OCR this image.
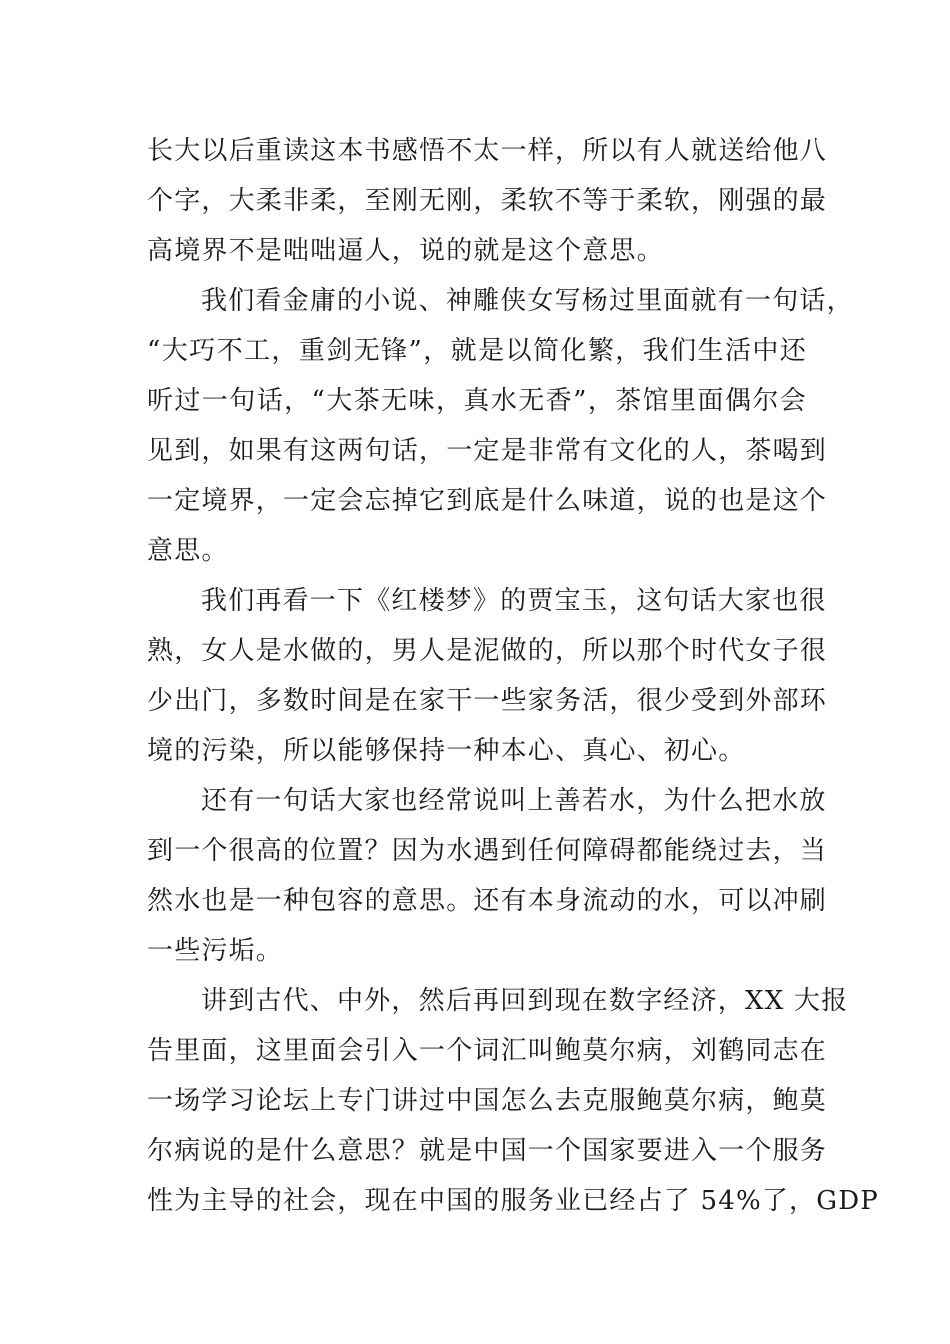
长大以后重读这本书感悟不太一样，所以有人就送给他八
个字，大柔非柔，至刚无刚，柔软不等于柔软，刚强的最
高境界不是咄咄逼人，说的就是这个意思。
我们看金庸的小说、神雕侠女写杨过里面就有一句话，
“大巧不工，重剑无锋”，就是以简化繁，我们生活中还
听过一句话，“大茶无味，真水无香”，茶馆里面偶尔会
见到，如果有这两句话，一定是非常有文化的人，茶喝到
一定境界，一定会忘掉它到底是什么味道，说的也是这个
意思。
我们再看一下《红楼梦》的贾宝玉，这句话大家也很
熟，女人是水做的，男人是泥做的，所以那个时代女子很
少出门，多数时间是在家干一些家务活，很少受到外部环
境的污染，所以能够保持一种本心、真心、初心。
还有一句话大家也经常说叫上善若水，为什么把水放
到一个很高的位置？因为水遇到任何障碍都能绕过去，当
然水也是一种包容的意思。还有本身流动的水，可以冲刷
一些污垢。
讲到古代、中外，然后再回到现在数字经济，XX 大报
告里面，这里面会引入一个词汇叫鲍莫尔病，刘鹤同志在
一场学习论坛上专门讲过中国怎么去克服鲍莫尔病，鲍莫
尔病说的是什么意思？就是中国一个国家要进入一个服务
性为主导的社会，现在中国的服务业已经占了 54%了，GDP
